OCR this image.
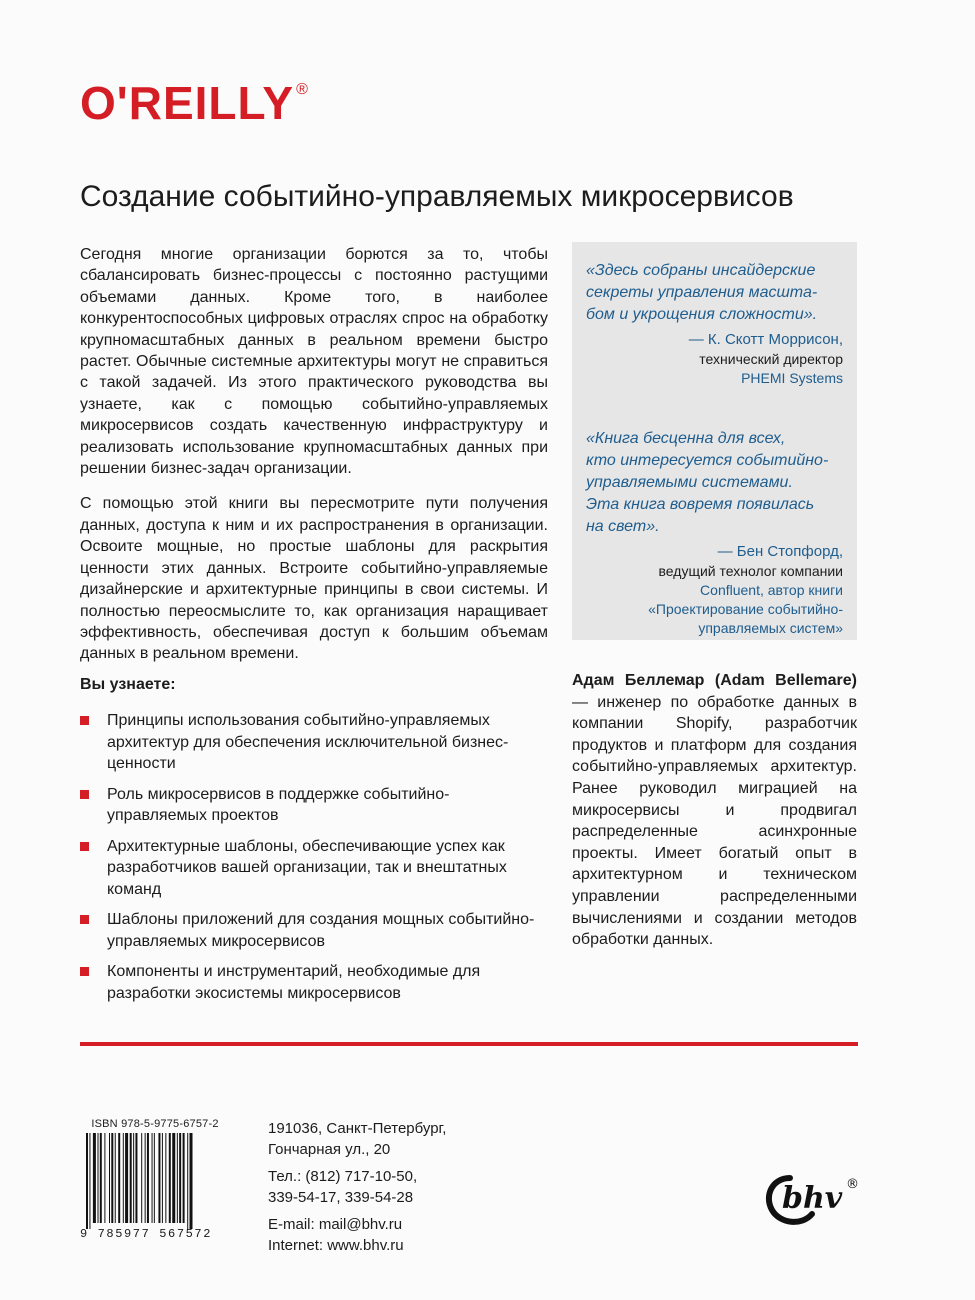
O'REILLY ®
Создание событийно-управляемых микросервисов

Сегодня многие организации борются за то, чтобы сбалансировать бизнес-процессы с постоянно растущими объемами данных. Кроме того, в наиболее конкурентоспособных цифровых отраслях спрос на обработку крупномасштабных данных в реальном времени быстро растет. Обычные системные архитектуры могут не справиться с такой задачей. Из этого практического руководства вы узнаете, как с помощью событийно-управляемых микросервисов создать качественную инфраструктуру и реализовать использование крупномасштабных данных при решении бизнес-задач организации.

С помощью этой книги вы пересмотрите пути получения данных, доступа к ним и их распространения в организации. Освоите мощные, но простые шаблоны для раскрытия ценности этих данных. Встроите событийно-управляемые дизайнерские и архитектурные принципы в свои системы. И полностью переосмыслите то, как организация наращивает эффективность, обеспечивая доступ к большим объемам данных в реальном времени.

«Здесь собраны инсайдерские
секреты управления масшта-
бом и укрощения сложности».

— К. Скотт Моррисон,

технический директор
PHEMI Systems

«Книга бесценна для всех,
кто интересуется событийно-
управляемыми системами.
Эта книга вовремя появилась
на свет».

— Бен Стопфорд,

ведущий технолог компании
Confluent, автор книги
«Проектирование событийно-
управляемых систем»

Вы узнаете:
Принципы использования событийно-управляемых архитектур для обеспечения исключительной бизнес-ценности
Роль микросервисов в поддержке событийно-управляемых проектов
Архитектурные шаблоны, обеспечивающие успех как разработчиков вашей организации, так и внештатных команд
Шаблоны приложений для создания мощных событийно-управляемых микросервисов
Компоненты и инструментарий, необходимые для разработки экосистемы микросервисов
Адам Беллемар (Adam Bellemare) — инженер по обработке данных в компании Shopify, разработчик продуктов и платформ для создания событийно-управляемых архитектур. Ранее руководил миграцией на микросервисы и продвигал распределенные асинхронные проекты. Имеет богатый опыт в архитектурном и техническом управлении распределенными вычислениями и создании методов обработки данных.
ISBN 978-5-9775-6757-2
9 785977 567572
191036, Санкт-Петербург,
Гончарная ул., 20
Тел.: (812) 717-10-50,
339-54-17, 339-54-28
E-mail: mail@bhv.ru
Internet: www.bhv.ru
bhv ®
